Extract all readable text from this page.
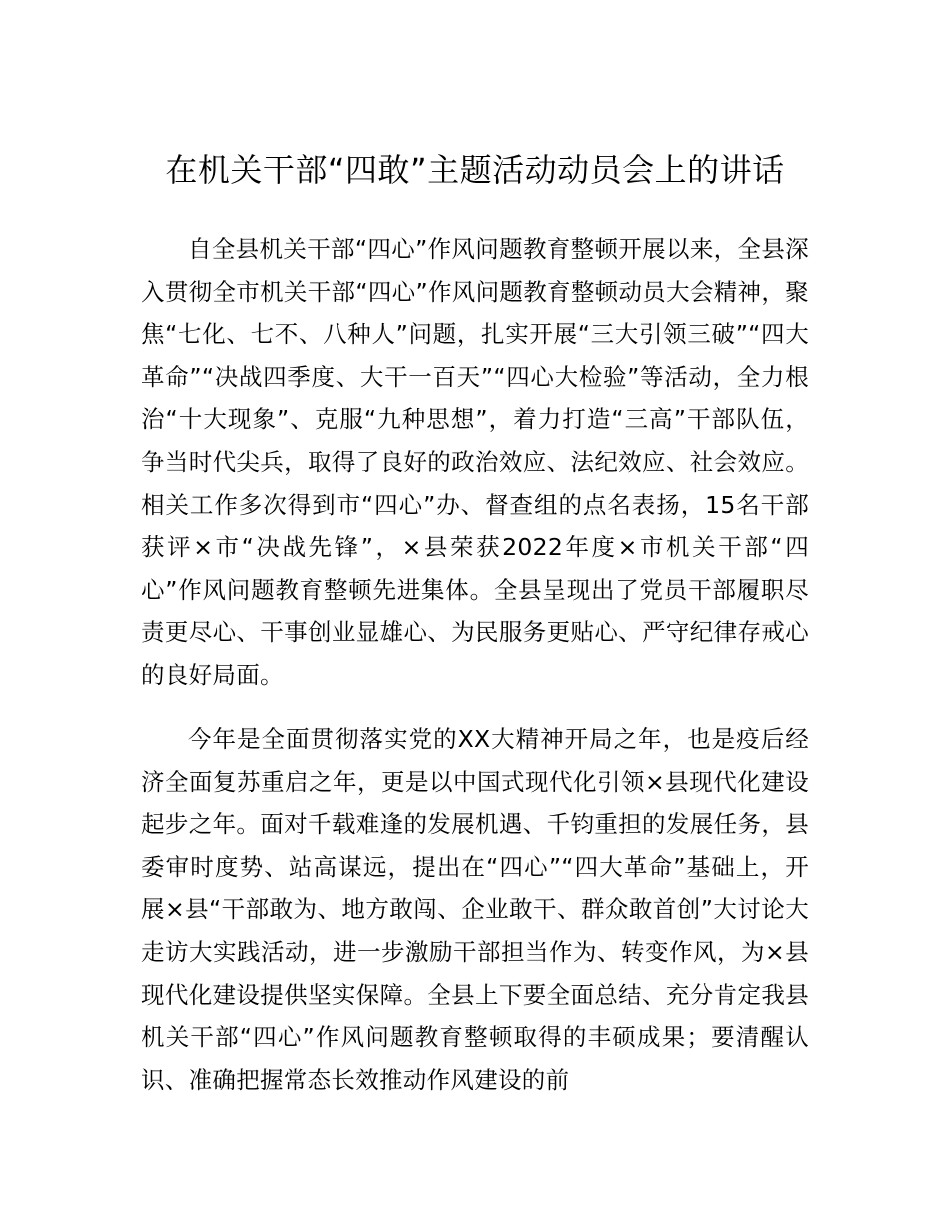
在机关干部“四敢”主题活动动员会上的讲话

自全县机关干部“四心”作风问题教育整顿开展以来，全县深入贯彻全市机关干部“四心”作风问题教育整顿动员大会精神，聚焦“七化、七不、八种人”问题，扎实开展“三大引领三破”“四大革命”“决战四季度、大干一百天”“四心大检验”等活动，全力根治“十大现象”、克服“九种思想”，着力打造“三高”干部队伍，争当时代尖兵，取得了良好的政治效应、法纪效应、社会效应。相关工作多次得到市“四心”办、督查组的点名表扬，15名干部获评×市“决战先锋”，×县荣获2022年度×市机关干部“四心”作风问题教育整顿先进集体。全县呈现出了党员干部履职尽责更尽心、干事创业显雄心、为民服务更贴心、严守纪律存戒心的良好局面。

今年是全面贯彻落实党的XX大精神开局之年，也是疫后经济全面复苏重启之年，更是以中国式现代化引领×县现代化建设起步之年。面对千载难逢的发展机遇、千钧重担的发展任务，县委审时度势、站高谋远，提出在“四心”“四大革命”基础上，开展×县“干部敢为、地方敢闯、企业敢干、群众敢首创”大讨论大走访大实践活动，进一步激励干部担当作为、转变作风，为×县现代化建设提供坚实保障。全县上下要全面总结、充分肯定我县机关干部“四心”作风问题教育整顿取得的丰硕成果；要清醒认识、准确把握常态长效推动作风建设的前
